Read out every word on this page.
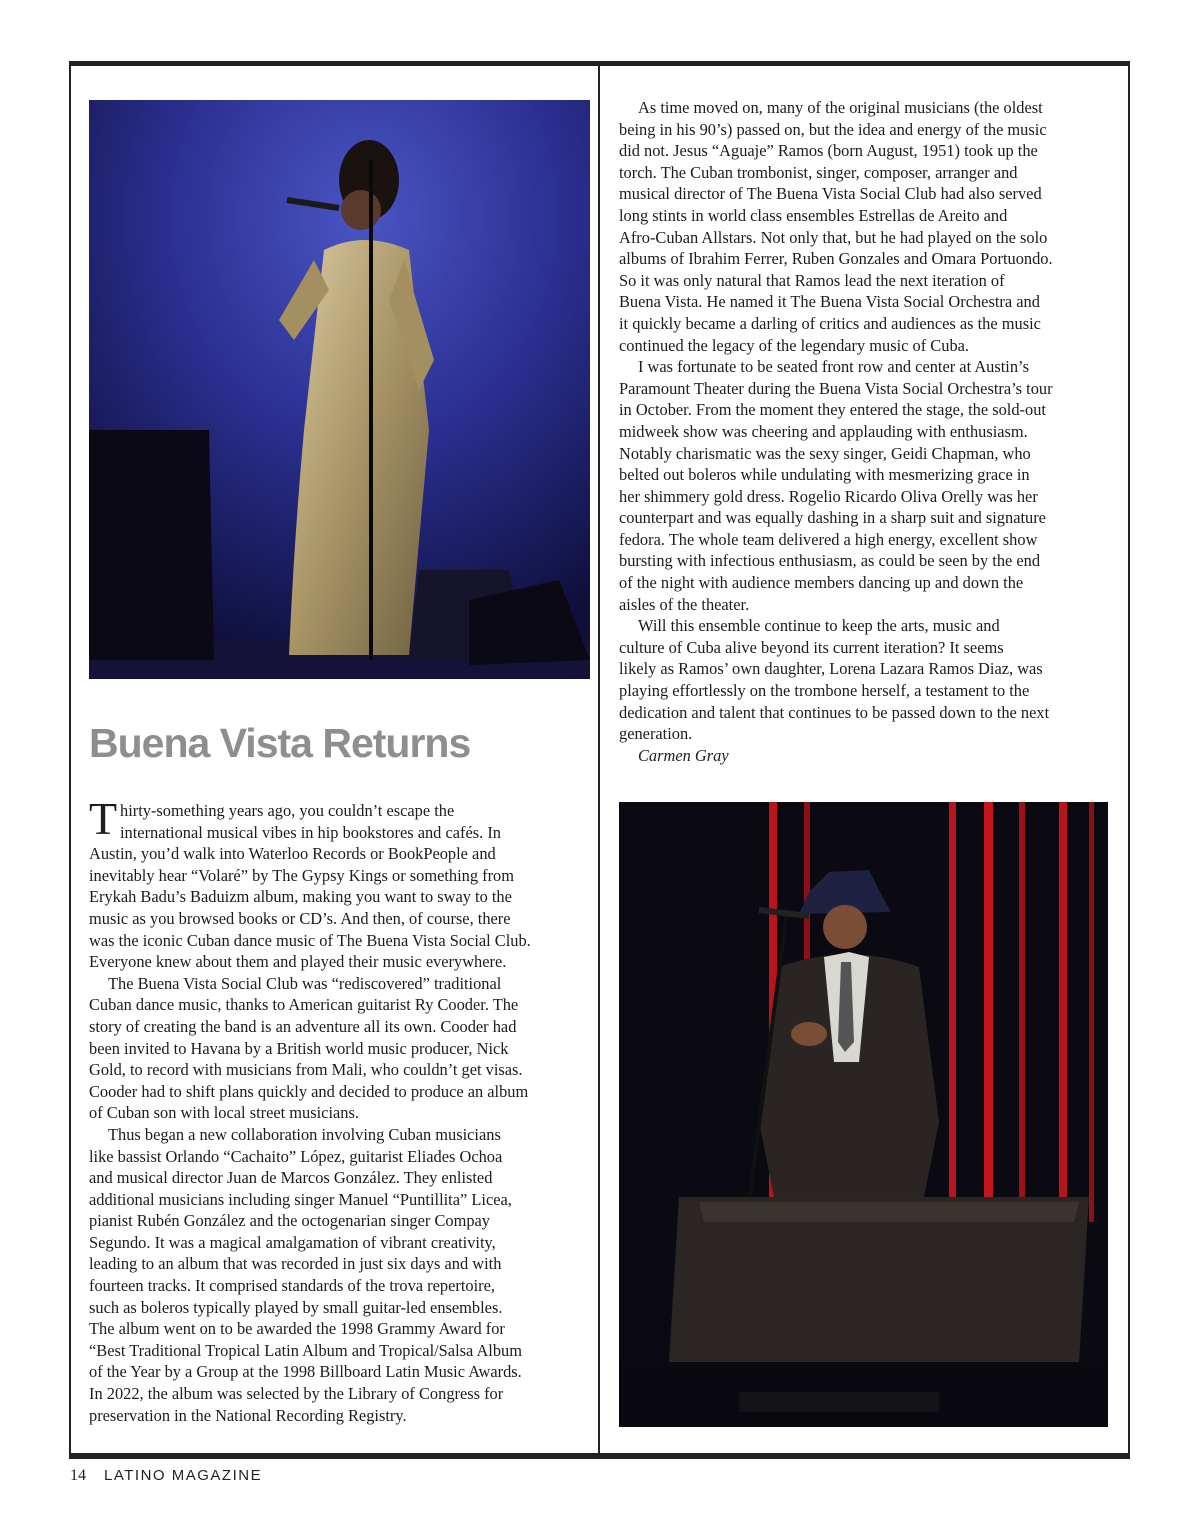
Buena Vista Returns
T hirty-something years ago, you couldn’t escape the

international musical vibes in hip bookstores and cafés. In

Austin, you’d walk into Waterloo Records or BookPeople and

inevitably hear “Volaré” by The Gypsy Kings or something from

Erykah Badu’s Baduizm album, making you want to sway to the

music as you browsed books or CD’s. And then, of course, there

was the iconic Cuban dance music of The Buena Vista Social Club.

Everyone knew about them and played their music everywhere.

The Buena Vista Social Club was “rediscovered” traditional

Cuban dance music, thanks to American guitarist Ry Cooder. The

story of creating the band is an adventure all its own. Cooder had

been invited to Havana by a British world music producer, Nick

Gold, to record with musicians from Mali, who couldn’t get visas.

Cooder had to shift plans quickly and decided to produce an album

of Cuban son with local street musicians.

Thus began a new collaboration involving Cuban musicians

like bassist Orlando “Cachaito” López, guitarist Eliades Ochoa

and musical director Juan de Marcos González. They enlisted

additional musicians including singer Manuel “Puntillita” Licea,

pianist Rubén González and the octogenarian singer Compay

Segundo. It was a magical amalgamation of vibrant creativity,

leading to an album that was recorded in just six days and with

fourteen tracks. It comprised standards of the trova repertoire,

such as boleros typically played by small guitar-led ensembles.

The album went on to be awarded the 1998 Grammy Award for

“Best Traditional Tropical Latin Album and Tropical/Salsa Album

of the Year by a Group at the 1998 Billboard Latin Music Awards.

In 2022, the album was selected by the Library of Congress for

preservation in the National Recording Registry.

As time moved on, many of the original musicians (the oldest

being in his 90’s) passed on, but the idea and energy of the music

did not. Jesus “Aguaje” Ramos (born August, 1951) took up the

torch. The Cuban trombonist, singer, composer, arranger and

musical director of The Buena Vista Social Club had also served

long stints in world class ensembles Estrellas de Areito and

Afro-Cuban Allstars. Not only that, but he had played on the solo

albums of Ibrahim Ferrer, Ruben Gonzales and Omara Portuondo.

So it was only natural that Ramos lead the next iteration of

Buena Vista. He named it The Buena Vista Social Orchestra and

it quickly became a darling of critics and audiences as the music

continued the legacy of the legendary music of Cuba.

I was fortunate to be seated front row and center at Austin’s

Paramount Theater during the Buena Vista Social Orchestra’s tour

in October. From the moment they entered the stage, the sold-out

midweek show was cheering and applauding with enthusiasm.

Notably charismatic was the sexy singer, Geidi Chapman, who

belted out boleros while undulating with mesmerizing grace in

her shimmery gold dress. Rogelio Ricardo Oliva Orelly was her

counterpart and was equally dashing in a sharp suit and signature

fedora. The whole team delivered a high energy, excellent show

bursting with infectious enthusiasm, as could be seen by the end

of the night with audience members dancing up and down the

aisles of the theater.

Will this ensemble continue to keep the arts, music and

culture of Cuba alive beyond its current iteration? It seems

likely as Ramos’ own daughter, Lorena Lazara Ramos Diaz, was

playing effortlessly on the trombone herself, a testament to the

dedication and talent that continues to be passed down to the next

generation.

Carmen Gray

14 LATINO MAGAZINE
